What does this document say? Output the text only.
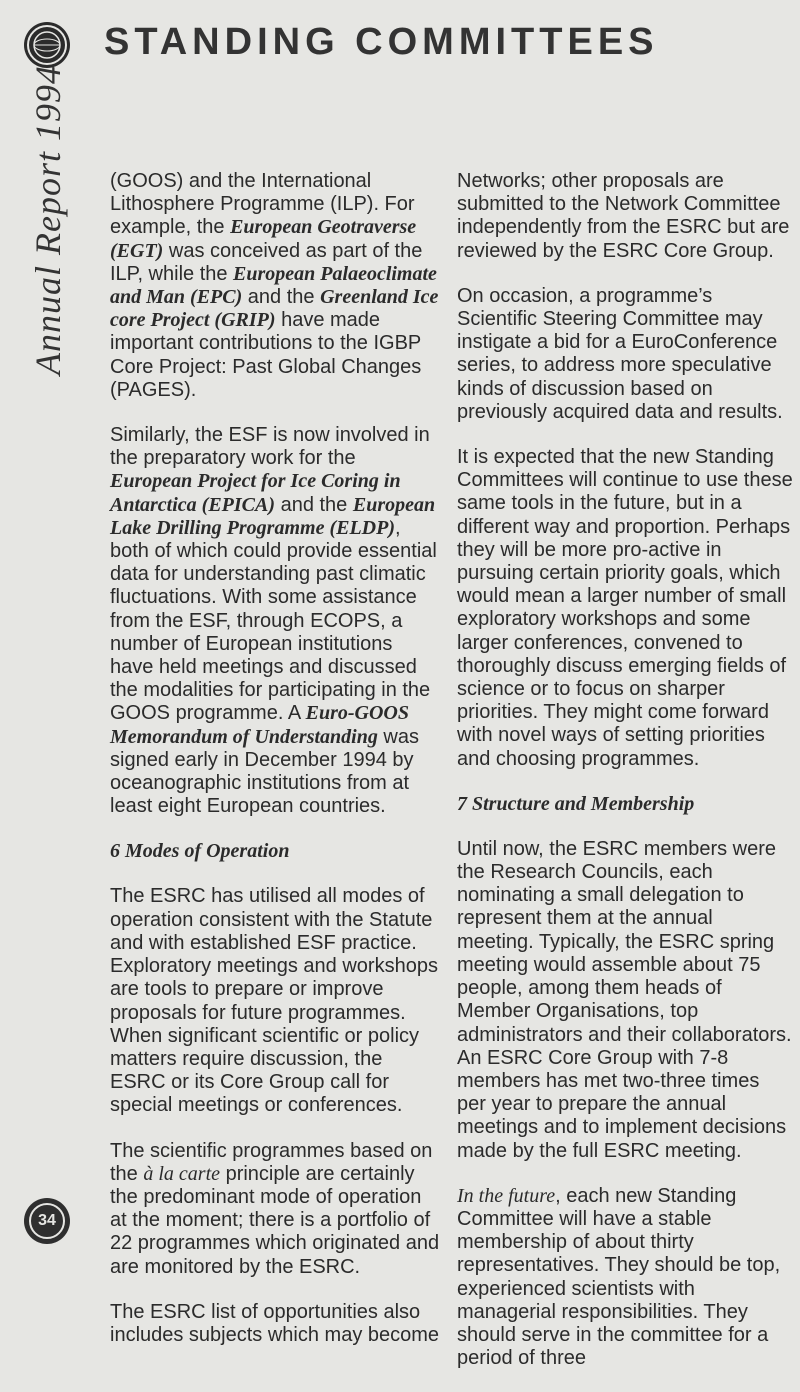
Annual Report 1994
34
STANDING COMMITTEES

(GOOS) and the International Lithosphere Programme (ILP). For example, the European Geotraverse (EGT) was conceived as part of the ILP, while the European Palaeoclimate and Man (EPC) and the Greenland Ice core Project (GRIP) have made important contributions to the IGBP Core Project: Past Global Changes (PAGES).

Similarly, the ESF is now involved in the preparatory work for the European Project for Ice Coring in Antarctica (EPICA) and the European Lake Drilling Programme (ELDP), both of which could provide essential data for understanding past climatic fluctuations. With some assistance from the ESF, through ECOPS, a number of European institutions have held meetings and discussed the modalities for participating in the GOOS programme. A Euro-GOOS Memorandum of Understanding was signed early in December 1994 by oceanographic institutions from at least eight European countries.

6 Modes of Operation

The ESRC has utilised all modes of operation consistent with the Statute and with established ESF practice. Exploratory meetings and workshops are tools to prepare or improve proposals for future programmes. When significant scientific or policy matters require discussion, the ESRC or its Core Group call for special meetings or conferences.

The scientific programmes based on the à la carte principle are certainly the predominant mode of operation at the moment; there is a portfolio of 22 programmes which originated and are monitored by the ESRC.

The ESRC list of opportunities also includes subjects which may become

Networks; other proposals are submitted to the Network Committee independently from the ESRC but are reviewed by the ESRC Core Group.

On occasion, a programme’s Scientific Steering Committee may instigate a bid for a EuroConference series, to address more speculative kinds of discussion based on previously acquired data and results.

It is expected that the new Standing Committees will continue to use these same tools in the future, but in a different way and proportion. Perhaps they will be more pro-active in pursuing certain priority goals, which would mean a larger number of small exploratory workshops and some larger conferences, convened to thoroughly discuss emerging fields of science or to focus on sharper priorities. They might come forward with novel ways of setting priorities and choosing programmes.

7 Structure and Membership

Until now, the ESRC members were the Research Councils, each nominating a small delegation to represent them at the annual meeting. Typically, the ESRC spring meeting would assemble about 75 people, among them heads of Member Organisations, top administrators and their collaborators. An ESRC Core Group with 7-8 members has met two-three times per year to prepare the annual meetings and to implement decisions made by the full ESRC meeting.

In the future, each new Standing Committee will have a stable membership of about thirty representatives. They should be top, experienced scientists with managerial responsibilities. They should serve in the committee for a period of three
